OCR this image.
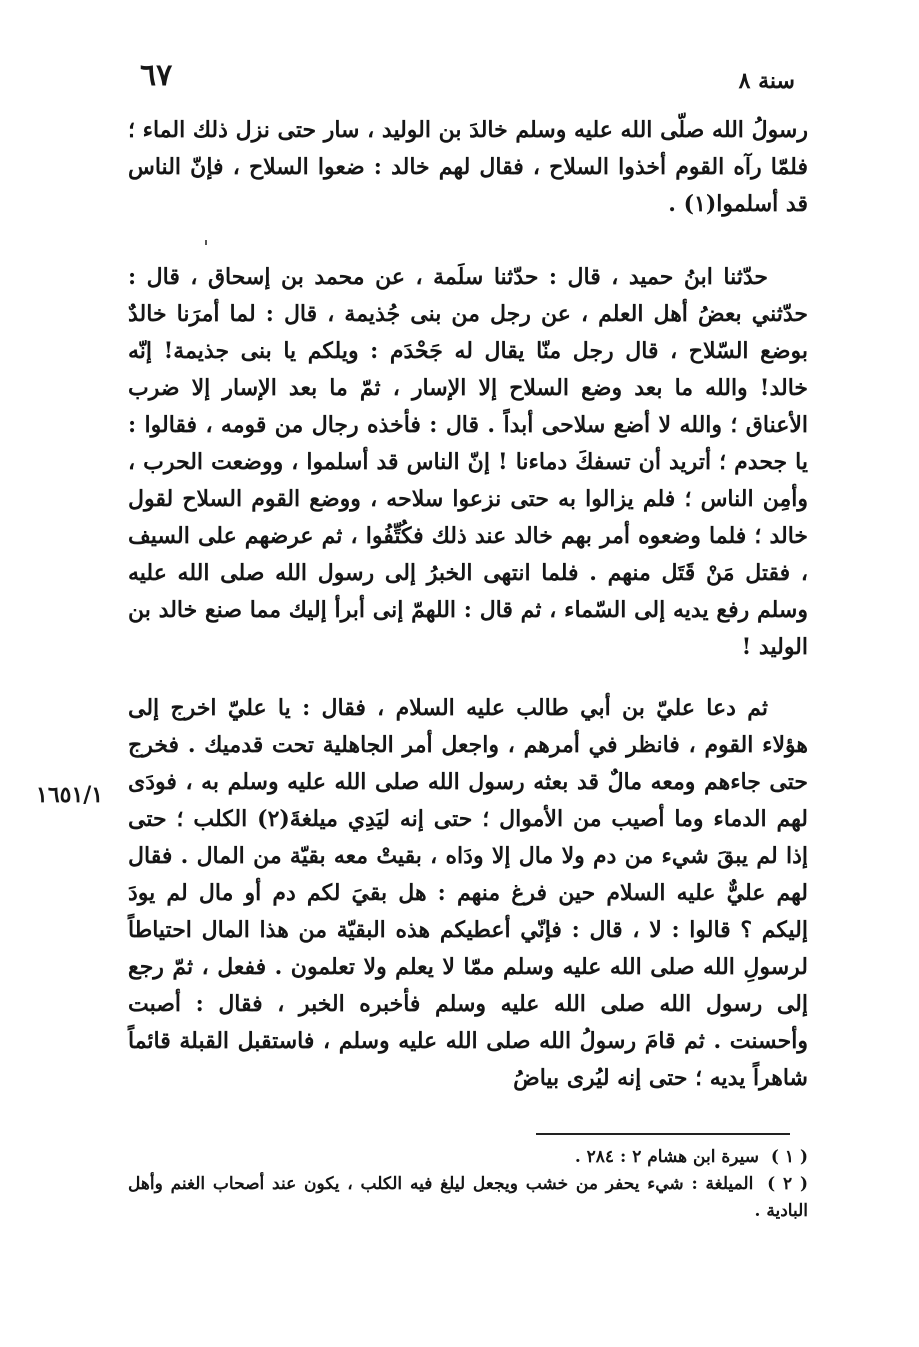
سنة ٨
٦٧

رسولُ الله صلّى الله عليه وسلم خالدَ بن الوليد ، سار حتى نزل ذلك الماء ؛ فلمّا رآه القوم أخذوا السلاح ، فقال لهم خالد : ضعوا السلاح ، فإنّ الناس قد أسلموا(١) .

حدّثنا ابنُ حميد ، قال : حدّثنا سلَمة ، عن محمد بن إسحاق ، قال : حدّثني بعضُ أهل العلم ، عن رجل من بنى جُذيمة ، قال : لما أمرَنا خالدٌ بوضع السّلاح ، قال رجل منّا يقال له جَحْدَم : ويلكم يا بنى جذيمة! إنّه خالد! والله ما بعد وضع السلاح إلا الإسار ، ثمّ ما بعد الإسار إلا ضرب الأعناق ؛ والله لا أضع سلاحى أبداً . قال : فأخذه رجال من قومه ، فقالوا : يا جحدم ؛ أتريد أن تسفكَ دماءنا ! إنّ الناس قد أسلموا ، ووضعت الحرب ، وأمِن الناس ؛ فلم يزالوا به حتى نزعوا سلاحه ، ووضع القوم السلاح لقول خالد ؛ فلما وضعوه أمر بهم خالد عند ذلك فكُتِّفُوا ، ثم عرضهم على السيف ، فقتل مَنْ قَتَل منهم . فلما انتهى الخبرُ إلى رسول الله صلى الله عليه وسلم رفع يديه إلى السّماء ، ثم قال : اللهمّ إنى أبرأ إليك مما صنع خالد بن الوليد !

١٦٥١/١

ثم دعا عليّ بن أبي طالب عليه السلام ، فقال : يا عليّ اخرج إلى هؤلاء القوم ، فانظر في أمرهم ، واجعل أمر الجاهلية تحت قدميك . فخرج حتى جاءهم ومعه مالٌ قد بعثه رسول الله صلى الله عليه وسلم به ، فودَى لهم الدماء وما أصيب من الأموال ؛ حتى إنه ليَدِي ميلغةَ(٢) الكلب ؛ حتى إذا لم يبقَ شيء من دم ولا مال إلا ودَاه ، بقيتْ معه بقيّة من المال . فقال لهم عليٌّ عليه السلام حين فرغ منهم : هل بقيَ لكم دم أو مال لم يودَ إليكم ؟ قالوا : لا ، قال : فإنّي أعطيكم هذه البقيّة من هذا المال احتياطاً لرسولِ الله صلى الله عليه وسلم ممّا لا يعلم ولا تعلمون . ففعل ، ثمّ رجع إلى رسول الله صلى الله عليه وسلم فأخبره الخبر ، فقال : أصبت وأحسنت . ثم قامَ رسولُ الله صلى الله عليه وسلم ، فاستقبل القبلة قائماً شاهراً يديه ؛ حتى إنه ليُرى بياضُ

( ١ ) سيرة ابن هشام ٢ : ٢٨٤ .

( ٢ ) الميلغة : شيء يحفر من خشب ويجعل ليلغ فيه الكلب ، يكون عند أصحاب الغنم وأهل البادية .
